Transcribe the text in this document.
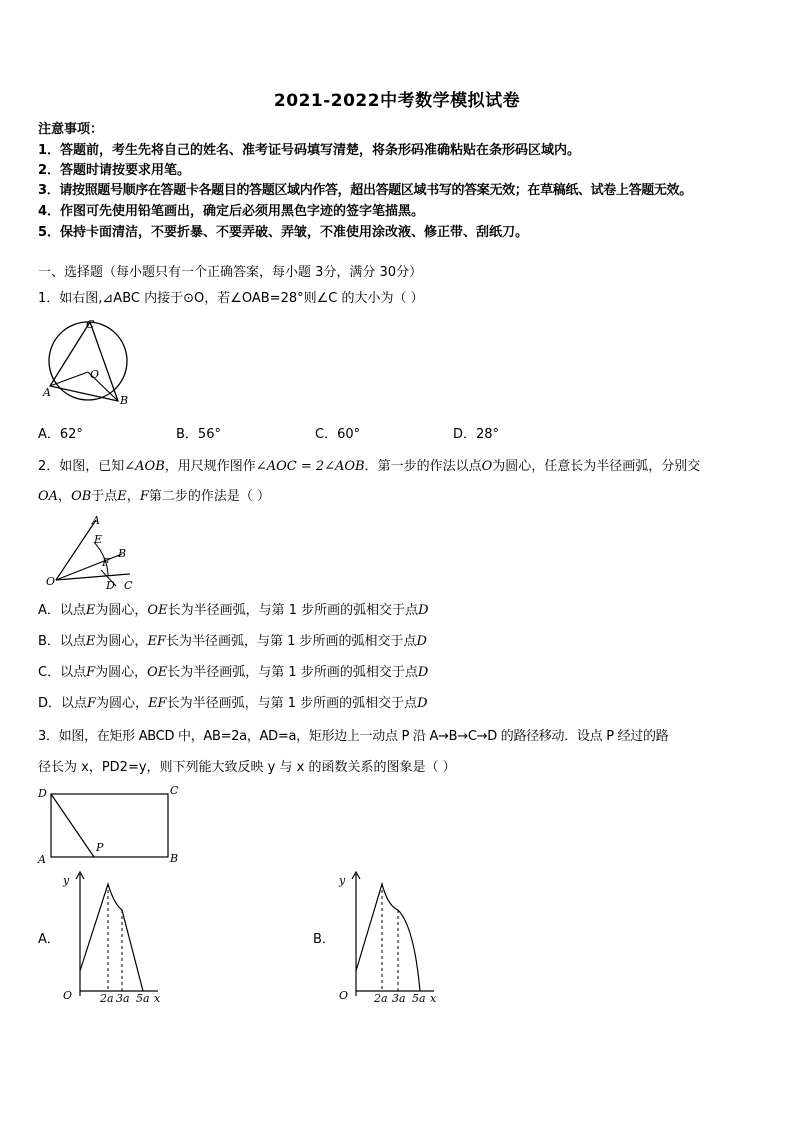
2021-2022中考数学模拟试卷
注意事项：
1．答题前，考生先将自己的姓名、准考证号码填写清楚，将条形码准确粘贴在条形码区域内。
2．答题时请按要求用笔。
3．请按照题号顺序在答题卡各题目的答题区域内作答，超出答题区域书写的答案无效；在草稿纸、试卷上答题无效。
4．作图可先使用铅笔画出，确定后必须用黑色字迹的签字笔描黑。
5．保持卡面清洁，不要折暴、不要弄破、弄皱，不准使用涂改液、修正带、刮纸刀。
一、选择题（每小题只有一个正确答案，每小题 3分，满分 30分）
1．如右图,⊿ABC 内接于⊙O，若∠OAB=28°则∠C 的大小为（ ）
C
O
A
B
A．62°	B．56°	C．60°	D．28°
2．如图，已知∠AOB，用尺规作图作∠AOC = 2∠AOB．第一步的作法以点O为圆心，任意长为半径画弧，分别交
OA，OB于点E，F第二步的作法是（ ）
A
E
B
F
O	D C
A．以点E为圆心，OE长为半径画弧，与第 1 步所画的弧相交于点D
B．以点E为圆心，EF长为半径画弧，与第 1 步所画的弧相交于点D
C．以点F为圆心，OE长为半径画弧，与第 1 步所画的弧相交于点D
D．以点F为圆心，EF长为半径画弧，与第 1 步所画的弧相交于点D
3．如图，在矩形 ABCD 中，AB=2a，AD=a，矩形边上一动点 P 沿 A→B→C→D 的路径移动．设点 P 经过的路
径长为 x，PD2=y，则下列能大致反映 y 与 x 的函数关系的图象是（ ）
D	C
A	B
P
A．
y
O	2a 3a 5a x
B．
y
O 2a 3a 5a x
